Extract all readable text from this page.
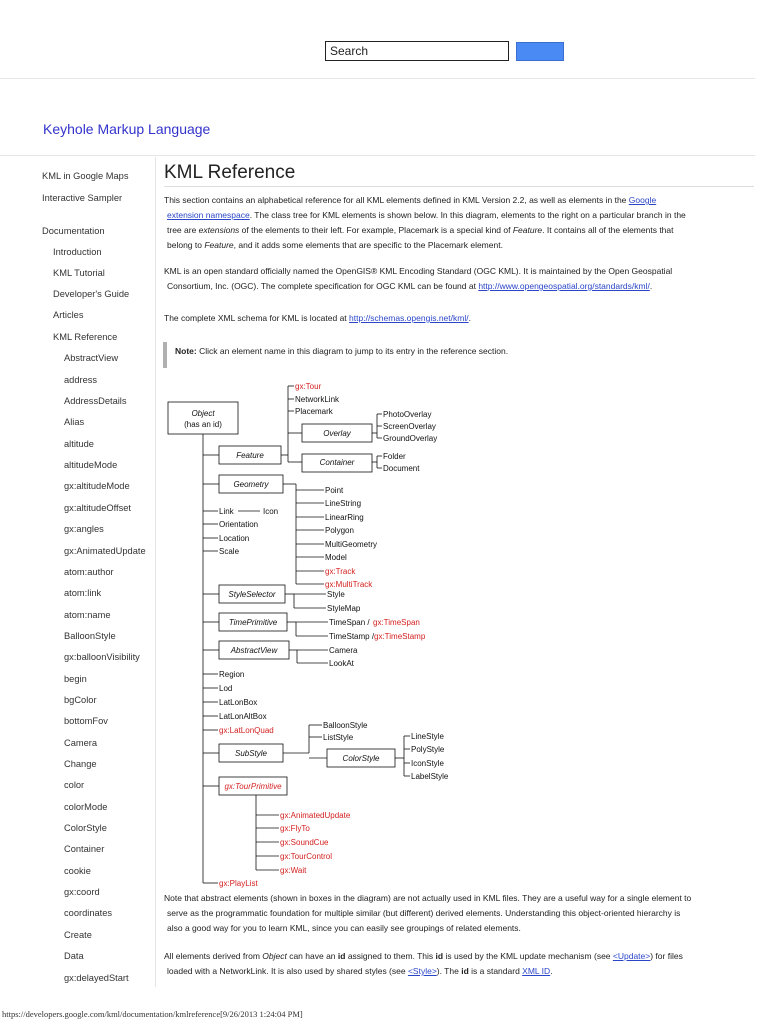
Search
Keyhole Markup Language
KML in Google Maps
Interactive Sampler
Documentation
Introduction
KML Tutorial
Developer's Guide
Articles
KML Reference
AbstractView
address
AddressDetails
Alias
altitude
altitudeMode
gx:altitudeMode
gx:altitudeOffset
gx:angles
gx:AnimatedUpdate
atom:author
atom:link
atom:name
BalloonStyle
gx:balloonVisibility
begin
bgColor
bottomFov
Camera
Change
color
colorMode
ColorStyle
Container
cookie
gx:coord
coordinates
Create
Data
gx:delayedStart
KML Reference
This section contains an alphabetical reference for all KML elements defined in KML Version 2.2, as well as elements in the Google
extension namespace. The class tree for KML elements is shown below. In this diagram, elements to the right on a particular branch in the
tree are extensions of the elements to their left. For example, Placemark is a special kind of Feature. It contains all of the elements that
belong to Feature, and it adds some elements that are specific to the Placemark element.
KML is an open standard officially named the OpenGIS® KML Encoding Standard (OGC KML). It is maintained by the Open Geospatial
Consortium, Inc. (OGC). The complete specification for OGC KML can be found at http://www.opengeospatial.org/standards/kml/.
The complete XML schema for KML is located at http://schemas.opengis.net/kml/.
Note: Click an element name in this diagram to jump to its entry in the reference section.
Object
(has an id)
Feature
Overlay
Container
Geometry
StyleSelector
TimePrimitive
AbstractView
SubStyle
ColorStyle
gx:TourPrimitive
gx:Tour
NetworkLink
Placemark	PhotoOverlay
ScreenOverlay
GroundOverlay
Folder
Document
Point
LineString
LinearRing
Polygon
MultiGeometry
Model
gx:Track
gx:MultiTrack
Link	Icon
Orientation
Location
Scale
Style
StyleMap
TimeSpan / gx:TimeSpan
TimeStamp / gx:TimeStamp
Camera
LookAt
Region
Lod
LatLonBox
LatLonAltBox
gx:LatLonQuad
BalloonStyle
ListStyle	LineStyle
PolyStyle
IconStyle
LabelStyle
gx:AnimatedUpdate
gx:FlyTo
gx:SoundCue
gx:TourControl
gx:Wait
gx:PlayList
Note that abstract elements (shown in boxes in the diagram) are not actually used in KML files. They are a useful way for a single element to
serve as the programmatic foundation for multiple similar (but different) derived elements. Understanding this object-oriented hierarchy is
also a good way for you to learn KML, since you can easily see groupings of related elements.
All elements derived from Object can have an id assigned to them. This id is used by the KML update mechanism (see <Update>) for files
loaded with a NetworkLink. It is also used by shared styles (see <Style>). The id is a standard XML ID.
https://developers.google.com/kml/documentation/kmlreference[9/26/2013 1:24:04 PM]
